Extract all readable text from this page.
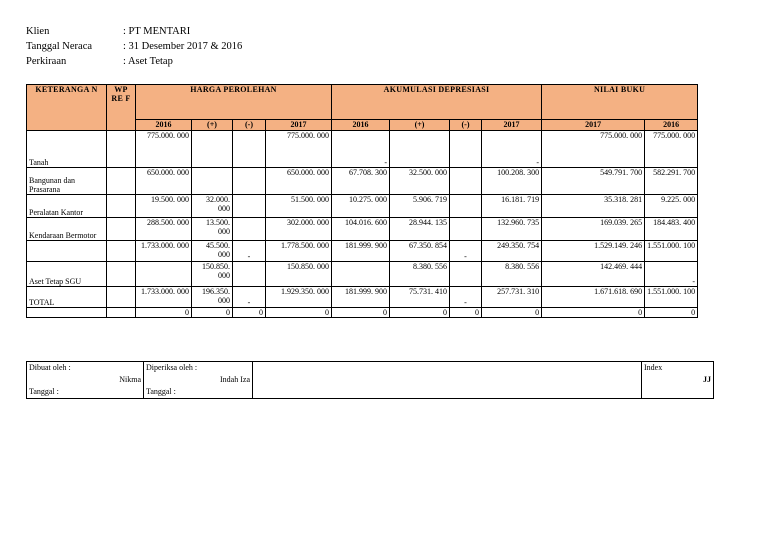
Klien	: PT MENTARI
Tanggal Neraca	: 31 Desember 2017 & 2016
Perkiraan	: Aset Tetap
KETERANGA N	WP RE F	HARGA PEROLEHAN				AKUMULASI DEPRESIASI				NILAI BUKU	
		2016	(+)	(-)	2017	2016	(+)	(-)	2017	2017	2016
Tanah		775.000. 000			775.000. 000	-			-	775.000. 000	775.000. 000
Bangunan dan Prasarana		650.000. 000			650.000. 000	67.708. 300	32.500. 000		100.208. 300	549.791. 700	582.291. 700
Peralatan Kantor		19.500. 000	32.000. 000		51.500. 000	10.275. 000	5.906. 719		16.181. 719	35.318. 281	9.225. 000
Kendaraan Bermotor		288.500. 000	13.500. 000		302.000. 000	104.016. 600	28.944. 135		132.960. 735	169.039. 265	184.483. 400
		1.733.000. 000	45.500. 000	-	1.778.500. 000	181.999. 900	67.350. 854	-	249.350. 754	1.529.149. 246	1.551.000. 100
Aset Tetap SGU			150.850. 000		150.850. 000		8.380. 556		8.380. 556	142.469. 444	-
TOTAL		1.733.000. 000	196.350. 000	-	1.929.350. 000	181.999. 900	75.731. 410	-	257.731. 310	1.671.618. 690	1.551.000. 100
		0	0	0	0	0	0	0	0	0	0
Dibuat oleh :
Nikma
Tanggal :

Diperiksa oleh :
Indah Iza
Tanggal :

Index
JJ
